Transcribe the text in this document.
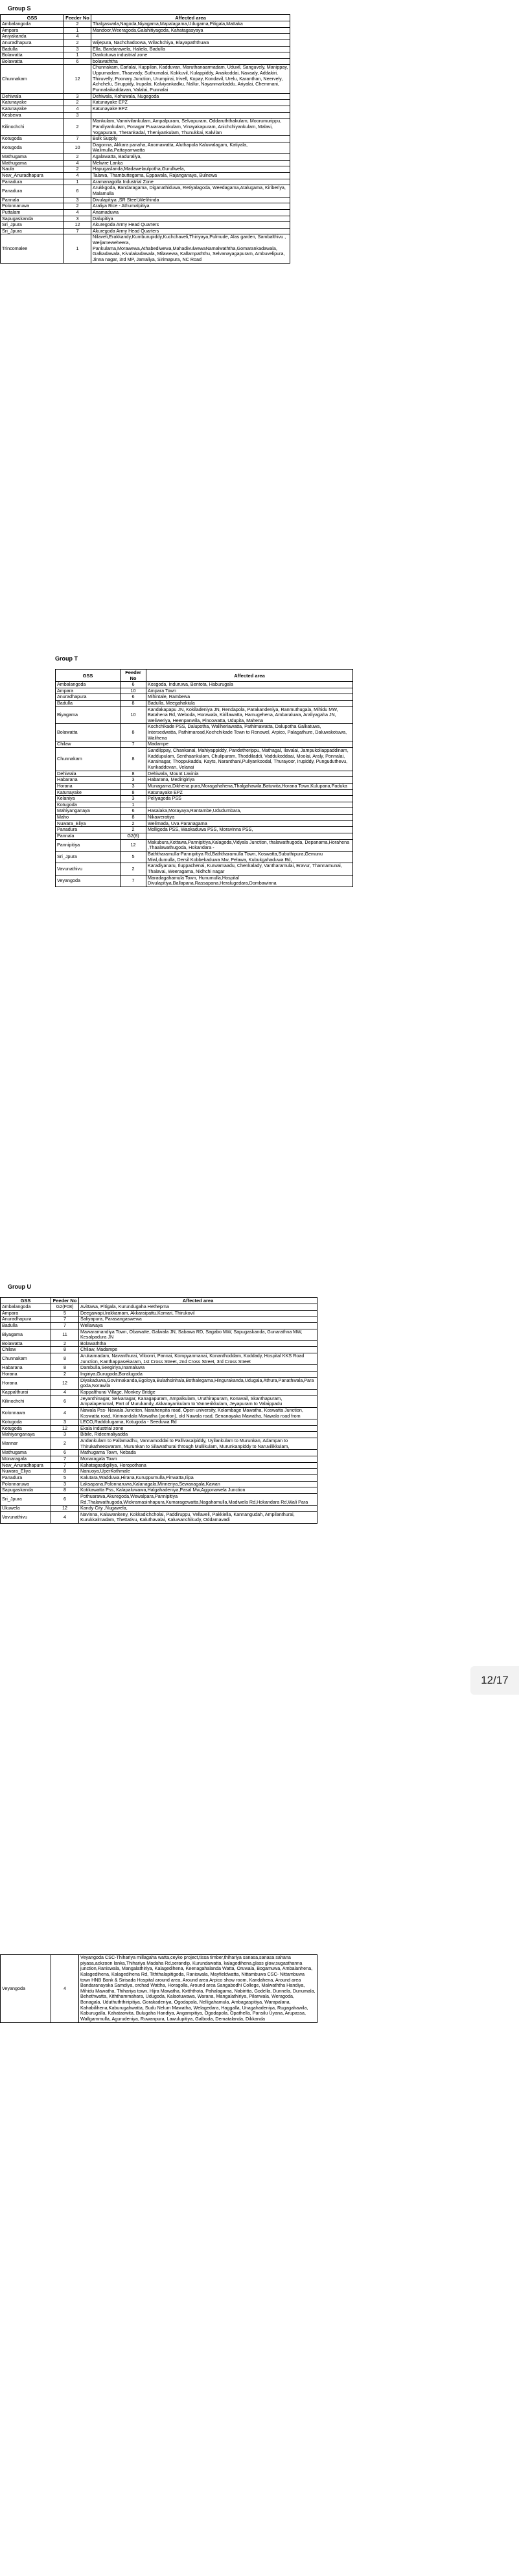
Group S
GSS	Feeder No	Affected area
Ambalangoda	2	Thalgaswala,Nagoda,Niyagama,Mapalagama,Udugama,Pitigala,Mattaka
Ampara	1	Mandoor,Weeragoda,Galahitiyagoda, Kahatagasyaya
Aniyakanda	4	
Anuradhapura	2	Wijepura, Nachchadoowa, Wilachchiya, Elayapaththuwa
Badulla	3	Ella, Bandarawela, Haliela, Badulla
Bolawatta	1	Dankotuwa industrial zone
Bolawatta	6	bolawaththa
Chunnakam	12	Chunnakam, Earlalai, Kuppilan, Kadduvan, Maruthanaarmadam, Uduvil, Sanguvely, Manippay, Uppumadam, Thaavady, Suthumalai, Kokkuvil, Kulappiddy, Anaikoddai, Navaaly, Addakiri, Thiruvelly, Poonary Junction, Urumpirai, Irivell, Kopay, Kondavil, Urelu, Karanthan, Neervely, Achchelu, Siruppidy, Irupalai, Kalviyankadku, Nallur, Nayanmarkaddu, Ariyalai, Chemmani, Punnalaikaddavan, Valalai, Punnalai
Dehiwala	3	Dehiwala, Kohuwala, Nugegoda
Katunayake	2	Katunayake EPZ
Katunayake	4	Katunayake EPZ
Kesbewa	3	
Kilinochchi	2	Mankulam, Vannivilankulam, Ampalpuram, Selvapuram, Oddaruththakulam, Moorumurippu, Pandiyankulam, Ponagar Puvarasankulam, Vinayakapuram, Anichchiyankulam, Malavi, Yogapuram, Therankadal, Theniyankulam, Thunukkai, Kalvilan
Kotugoda	7	Bulk Supply
Kotugoda	10	Dagonna, Akkara panaha, Anomawatta, Aluthapola Kaluwalagam, Katiyala, Walimulla,Pattayamwatta
Mathugama	2	Agalawatta, Baduraliya,
Mathugama	4	Melwire Lanka
Naula	2	Hapugaslanda,Madawelaulpotha,Gurullwela,
New_Anuradhapura	4	Talawa, Thambuttegama, Eppawala, Rajanganaya, Bulnewa
Panadura	1	Aramanagolla Industrial Zone
Panadura	6	Arukkgoda, Bandaragama, Diganathiduwa, Retiyalagoda, Weedagama,Atalugama, Kiriberiya, Malamulla
Pannala	3	Divulapitiya ,SR Steel,Welihinda
Polonnaruwa	2	Araliya Rice - Athumalpitiya
Puttalam	4	Anamaduwa
Sapugaskanda	3	Dalupitiya
Sri_Jpura	12	Akuregoda Army Head Quarters
Sri_Jpura	7	Akuregoda Army Head Quarters
Trincomalee	1	Nilaveli,Erakkandy,Kumburupiddy,Kuchchaveli,Thiriyaya,Pulmude, Alas garden, Sambalthivu , Weljameweheera, Pankulama,Morawewa,Athabediwewa,MahadivulwewaNamalwaththa,Gomarankadawala, Galkadawala, Kivulakadawala, Milawewa, Kallampaththu, Selvanayagapuram, Ambuvelipura, Jinna nagar, 3rd MP, Jamaliya, Sirimapura, NC Road
Group T
GSS	Feeder No	Affected area
Ambalangoda	6	Kosgoda, Induruwa, Bentota, Haburugala
Ampara	10	Ampara Town
Anuradhapura	6	Mihintale, Rambewa
Badulla	8	Badulla, Meegahakiula
Biyagama	10	Kandakapapu JN, Kokiladeniya JN, Rendapola, Parakandeniya, Ranmuthugala, Mihidu MW, Batahena Rd, Weboda, Horawala, Kirillawatta, Hamugehena, Ambaraluwa, Araliyagaha JN, Weliweriya, Heenpanwila, Pincowatta, Udupita, Mahena
Bolawatta	8	Kochchikade PSS, Dalupotha, Waliheriawatta, Pathimawatta, Dalupotha Galkatuwa, Intersedwatta, Pathimaroad,Kochchikade Town to Ronowel, Arpico, Palagathure, Daluwakotuwa, Walihena
Chilaw	7	Madampe
Chunnakam	8	Sandilppay, Chankanai, Mahiyappiddy, Pandetherippu, Mathagal, Ilavalai, Jampukoliappaddinam, Kaddupulam, Senthaankulam, Chulipuram, Thoddiladdi, Vaddukoddaai, Moolai, Araly, Ponnalai, Karainagar, Thoppukaddu, Kayts, Naranthani,Puliyankoodal, Thurayoor, Irupiddy, Punguduthevu, Kurikaddovan, Velanai
Dehiwala	8	Dehiwala, Mount Lavinia
Habarana	3	Habarana, Medirigiriya
Horana	3	Munagama,Dikhena pura,Moragahahena,Thalgahawila,Batuwita,Horana Town,Kulupana,Paduka
Katunayake	8	Katunayake EPZ
Kelaniya	3	Peliyagoda PSS
Kotugoda	1	
Mahiyanganaya	6	Hasalaka,Morayaya,Rantambe,Ududumbara,
Maho	8	Nikaweratiya
Nuwara_Eliya	2	Welimada, Uva Paranagama
Panadura	2	Molligoda PSS, Waskaduwa PSS, Moravinna PSS,
Pannala	G2(8)	
Pannipitiya	12	Makubura,Kottawa,Pannipitiya,Kalagoda,Vidyala Junction, thalawathugoda, Depanama,Horahena ,Thaalawathugoda, Hokandara -
Sri_Jpura	5	Baththaramulla-Pannipitiya Rd,Baththaramulla Town, Koswatta,Subuthipura,Gemunu Miwl,dumulla, Dersil Kobbekaduwa Mw, Pelawa, Kubukgahaduwa Rd,
Vavunathivu	2	Karadiyanaru, Iluppachenai, Kurwamaadu, Chenkalady, Vantharamulai, Eravur, Thannamunai, Thalavai, Weeragama, Nidhchi nagar
Veyangoda	7	Maradagahamula Town, Hunumulla,Hospital Divulapitiya,Ballapana,Rassapana,Heralugedara,Dombawinna
Group U
GSS	Feeder No	Affected area
Ambalangoda	G2(F08)	Avittawa, Pitigala, Kurundugaha Hethepma
Ampara	5	Deegawapi,Irakkamam, Akkaraipattu,Komari, Thirukovil
Anuradhapura	7	Saliyapura, Parasangaswewa
Badulla	7	Wellawaya
Biyagama	11	Mawaramandiya Town, Obawatte, Galwala JN, Sabawa RD, Sagabo MW, Sapugaskanda, Gunarathna MW, Kesalpadura JN
Bolawatta	2	Bolawaththa
Chilaw	8	Chilaw, Madampe
Chunnakam	8	Arukaimadam, Navanthurai, Viloonri, Pannai, Kompyanmanai, Konanthoddam, Koddady, Hospital KKS Road Junction, Kanthappasekaram, 1st Cross Street, 2nd Cross Street, 3rd Cross Street
Habarana	8	Dambulla,Seegiriya,Inamaluwa
Horana	2	Ingiriya,Gurugoda,Boralugoda
Horana	12	Diyakaduwa,Govinnakanda,Egoloya,Bulathsinhala,Bothalegama,Hingurakanda,Udugala,Athura,Panathwala,Paragoda,Norawila
Kappalthurai	4	Kappalthurai Village, Monkey Bridge
Kilinochchi	6	Jeyanthinagar, Selvanagar, Kanagapuram, Ampalkulam, Uruthirapuram, Konavail, Skanthapuram, Ampalaperumal, Part of Murukandy, Akkarayankulam to Vannerikkulam, Jeyapuram to Valaippadu
Kolonnawa	4	Nawala Pss- Nawala Junction, Narahenpita road, Open university, Kolambage Mawatha, Koswatta Junction, Koswatta road, Kirimandala Mawatha (portion), old Nawala road, Senanayaka Mawatha, Nawala road from
Kotugoda	3	LECO,Raddolugama, Kotugoda - Seeduwa Rd
Kotugoda	12	Ekala industrial zone
Mahiyanganaya	3	Bibile, Rideemaliyadda
Mannar	2	Andankulam to Pallamadhu, Vannamoddai to Pallivasalpiddy, Uyilankulam to Murunkan, Adampan to Thirukatheeswaram, Murunkan to Silawathurai through Mullikulam, Murunkanpiddy to Naruvilikkulam,
Mathugama	6	Mathugama Town, Nebada
Monaragala	7	Monaragala Town
New_Anuradhapura	7	Kahatagasdigiliya, Horopothana
Nuwara_Eliya	8	Nanuoya,UperKothmale
Panadura	5	Kalutara,Wadduwa,Hirana,Kuruppumulla,Pinwatta,Ilipa
Polonnaruwa	3	Laksapana,Polonnaruwa,Kalanagala,Minneriya,Sewanagala,Kawan
Sapugaskanda	8	Kotikawatta Pss, Kalapaluwawa,Halgahadeniya,Pasal Mw,Aggonawela Junction
Sri_Jpura	6	Pothuarawa,Akuregoda,Wewalpara,Pannipitiya Rd,Thalawathugoda,Wickramasinhapura,Kumaragewatta,Nagahamulla,Madiwela Rd,Hokandara Rd,Wali Para
Ukuwela	12	Kandy City ,Nugawela,
Vavunathivu	4	Navinna, Kaluwankeny, Kokkadichcholai, Paddiruppu, Vellaveli, Pakkiella, Kannangudah, Ampilanthurai, Kurukkalmadam, Thettativu, Kaluthavalai, Kaluwanchikudy, Oddamavadi
12/17
Veyangoda	4	Veyangoda CSC-Thihariya millagaha watta,ceyko project,tissa timber,thihariya sanasa,sanasa sahana piyasa,ackzoon lanka,Thihariya Madaha Rd,serandip, Kurundawatta, kalagedihena,glass glow,sugasthanna junction,Raniswala, Mangalathiriya, Kalagedihena, Keenagahalanda Watta, Oruwala, Bogamuwa, Ambalanhena, Kalagedihena, Kalagedihena Rd, Tiththalapitigoda, Raniswala, Mayfieldwatta, Nittambuwa CSC- Nittambuwa town HNB Bank & Sirisada Hospital around area, Around area Arpico show room, Kandahena, Around area Bandaranayaka Samdiya, orchad Wattha, Horagolla, Around area Sangabodhi College, Malwaththa Handiya, Mihidu Mawatha, Thihariya town, Hijra Mawatha, Kxtththota, Pahalagama, Nabiritta, Godella, Dunnela, Dunumala, Behethwatta, Kiththammahara, Udugoda, Kalaotuwawa, Warana, Mangalathiriya, Pilanwala, Weragoda, Bonagala, Uduthuththiripitiya, Gorakadeniya, Ogodapola, Nelligahamula, Ambagaspitiya, Warapalana, Kahabilihena,Kaburugahwatta, Sudu Nelum Mawatha, Welagedara, Haggalla, Unagahadeniya, Rugagahawila, Kaburugalla, Kahataowita, Bulugaha Handiya, Angampitiya, Ogodapola, Opathella, Pansilu Uyana, Arupassa, Wallgammulla, Agurudeniya, Ruwanpura, Lawulupitiya, Galboda, Dematalanda, Dikkanda
